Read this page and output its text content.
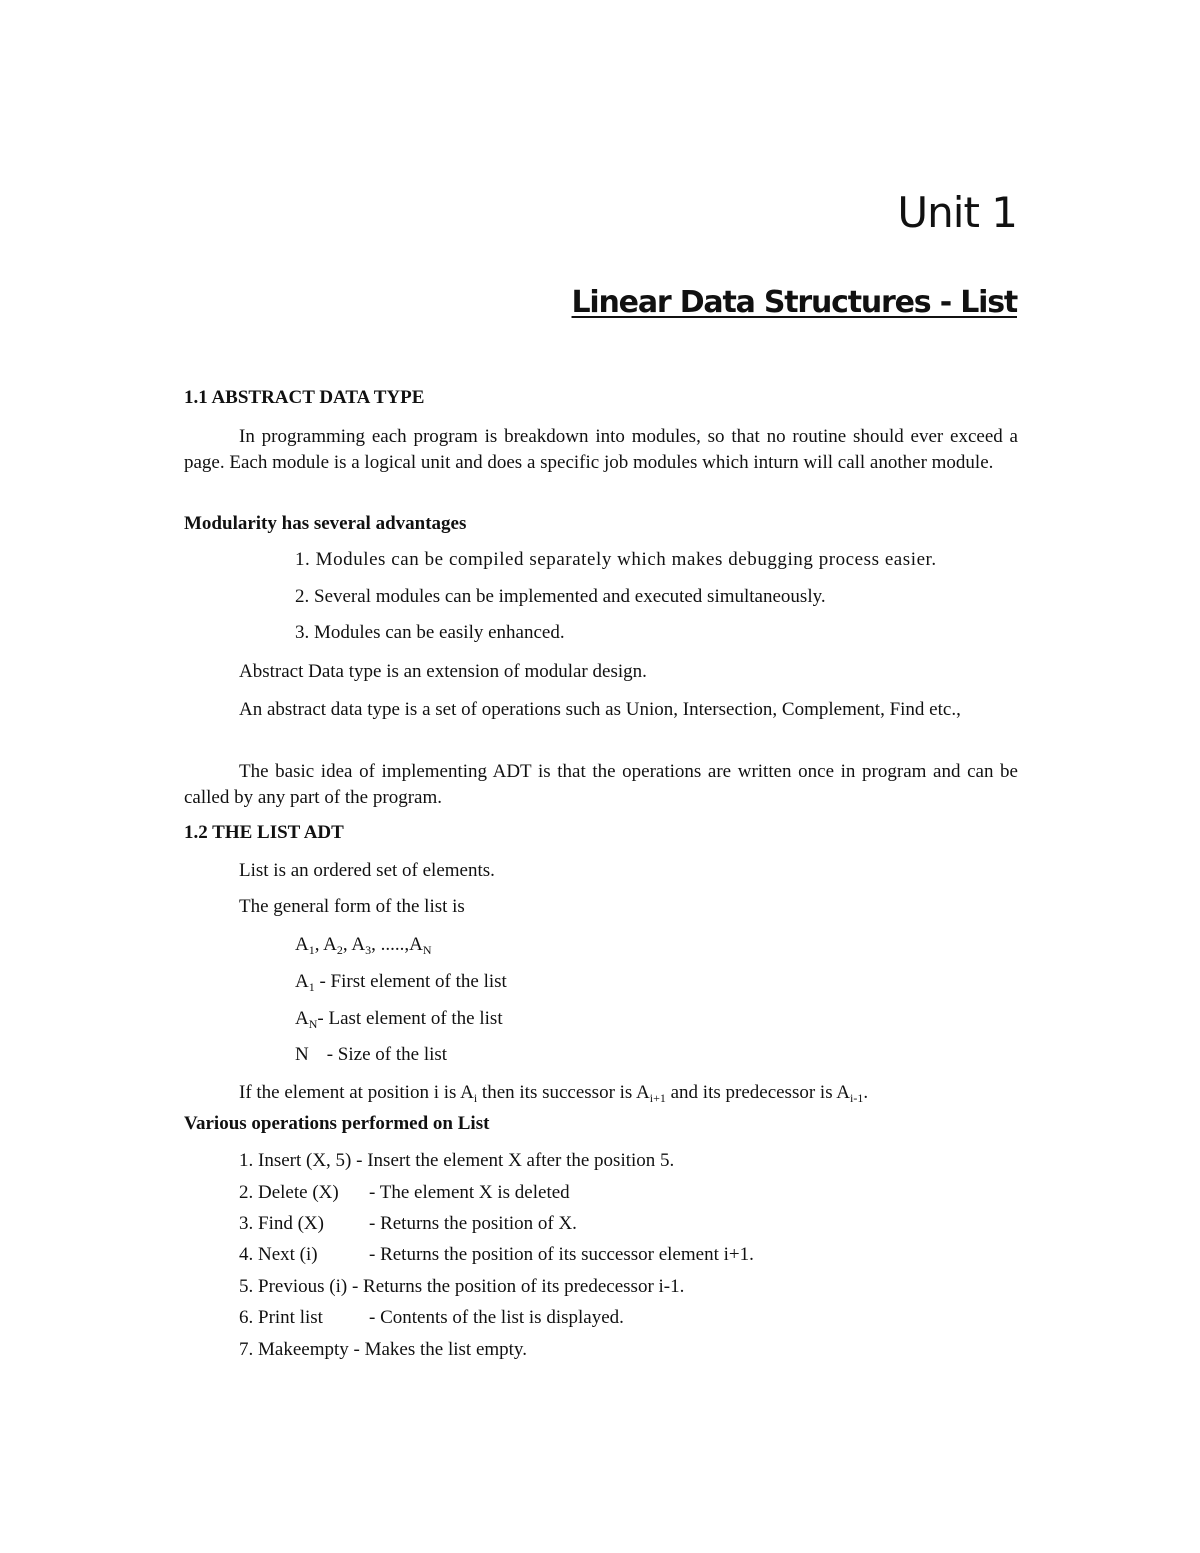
Unit 1
Linear Data Structures - List
1.1 ABSTRACT DATA TYPE
In programming each program is breakdown into modules, so that no routine should ever exceed a page. Each module is a logical unit and does a specific job modules which inturn will call another module.
Modularity has several advantages
1. Modules can be compiled separately which makes debugging process easier.
2. Several modules can be implemented and executed simultaneously.
3. Modules can be easily enhanced.
Abstract Data type is an extension of modular design.
An abstract data type is a set of operations such as Union, Intersection, Complement, Find etc.,
The basic idea of implementing ADT is that the operations are written once in program and can be called by any part of the program.
1.2 THE LIST ADT
List is an ordered set of elements.
The general form of the list is
$A_1$, $A_2$, $A_3$, $.....,A_N$
$A_1$ - First element of the list
$A_N-$ Last element of the list
N - Size of the list
If the element at position i is $A_i$ then its successor is $A_{i+1}$ and its predecessor is $A_{i-1}$.
Various operations performed on List
1. Insert (X, 5) - Insert the element X after the position 5.
2. Delete (X) - The element X is deleted
3. Find (X) - Returns the position of X.
4. Next (i)	- Returns the position of its successor element i+1.
5. Previous (i) - Returns the position of its predecessor i-1.
6. Print list - Contents of the list is displayed.
7. Makeempty - Makes the list empty.
